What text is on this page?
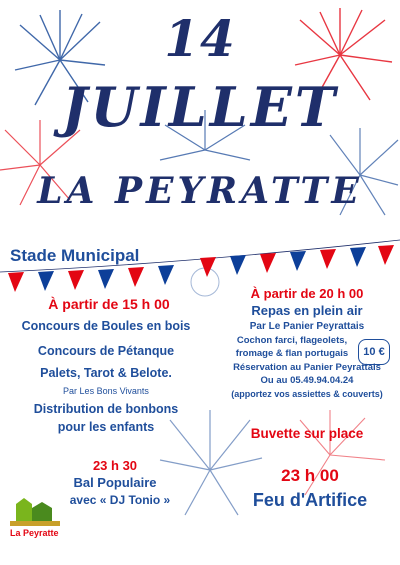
14
JUILLET
LA PEYRATTE
Stade Municipal
À partir de 15 h 00
Concours de Boules en bois
Concours de Pétanque
Palets, Tarot & Belote.
Par Les Bons Vivants
Distribution de bonbons
pour les enfants
À partir de 20 h 00
Repas en plein air
Par Le Panier Peyrattais
Cochon farci, flageolets,
fromage & flan portugais	10 €
Réservation au Panier Peyrattais
Ou au 05.49.94.04.24
(apportez vos assiettes & couverts)
Buvette sur place
23 h 30
Bal Populaire
avec « DJ Tonio »
23 h 00
Feu d'Artifice
La Peyratte
